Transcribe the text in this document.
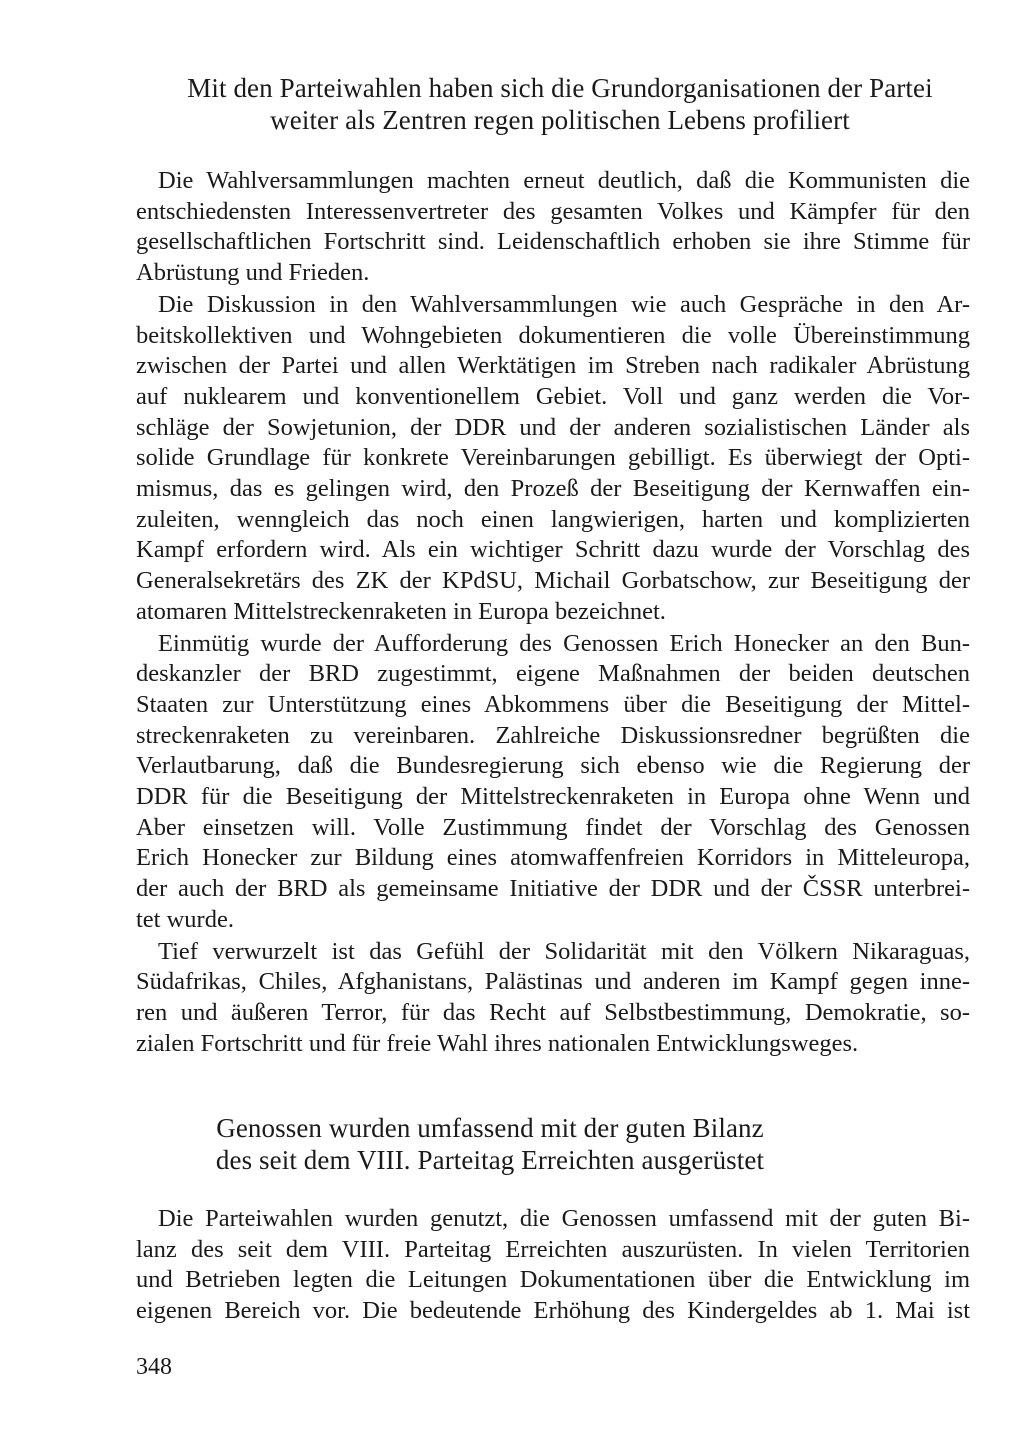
Mit den Parteiwahlen haben sich die Grundorganisationen der Partei
weiter als Zentren regen politischen Lebens profiliert

Die Wahlversammlungen machten erneut deutlich, daß die Kommunisten die
entschiedensten Interessenvertreter des gesamten Volkes und Kämpfer für den
gesellschaftlichen Fortschritt sind. Leidenschaftlich erhoben sie ihre Stimme für
Abrüstung und Frieden.

Die Diskussion in den Wahlversammlungen wie auch Gespräche in den Ar-
beitskollektiven und Wohngebieten dokumentieren die volle Übereinstimmung
zwischen der Partei und allen Werktätigen im Streben nach radikaler Abrüstung
auf nuklearem und konventionellem Gebiet. Voll und ganz werden die Vor-
schläge der Sowjetunion, der DDR und der anderen sozialistischen Länder als
solide Grundlage für konkrete Vereinbarungen gebilligt. Es überwiegt der Opti-
mismus, das es gelingen wird, den Prozeß der Beseitigung der Kernwaffen ein-
zuleiten, wenngleich das noch einen langwierigen, harten und komplizierten
Kampf erfordern wird. Als ein wichtiger Schritt dazu wurde der Vorschlag des
Generalsekretärs des ZK der KPdSU, Michail Gorbatschow, zur Beseitigung der
atomaren Mittelstreckenraketen in Europa bezeichnet.

Einmütig wurde der Aufforderung des Genossen Erich Honecker an den Bun-
deskanzler der BRD zugestimmt, eigene Maßnahmen der beiden deutschen
Staaten zur Unterstützung eines Abkommens über die Beseitigung der Mittel-
streckenraketen zu vereinbaren. Zahlreiche Diskussionsredner begrüßten die
Verlautbarung, daß die Bundesregierung sich ebenso wie die Regierung der
DDR für die Beseitigung der Mittelstreckenraketen in Europa ohne Wenn und
Aber einsetzen will. Volle Zustimmung findet der Vorschlag des Genossen
Erich Honecker zur Bildung eines atomwaffenfreien Korridors in Mitteleuropa,
der auch der BRD als gemeinsame Initiative der DDR und der ČSSR unterbrei-
tet wurde.

Tief verwurzelt ist das Gefühl der Solidarität mit den Völkern Nikaraguas,
Südafrikas, Chiles, Afghanistans, Palästinas und anderen im Kampf gegen inne-
ren und äußeren Terror, für das Recht auf Selbstbestimmung, Demokratie, so-
zialen Fortschritt und für freie Wahl ihres nationalen Entwicklungsweges.

Genossen wurden umfassend mit der guten Bilanz
des seit dem VIII. Parteitag Erreichten ausgerüstet

Die Parteiwahlen wurden genutzt, die Genossen umfassend mit der guten Bi-
lanz des seit dem VIII. Parteitag Erreichten auszurüsten. In vielen Territorien
und Betrieben legten die Leitungen Dokumentationen über die Entwicklung im
eigenen Bereich vor. Die bedeutende Erhöhung des Kindergeldes ab 1. Mai ist

348
